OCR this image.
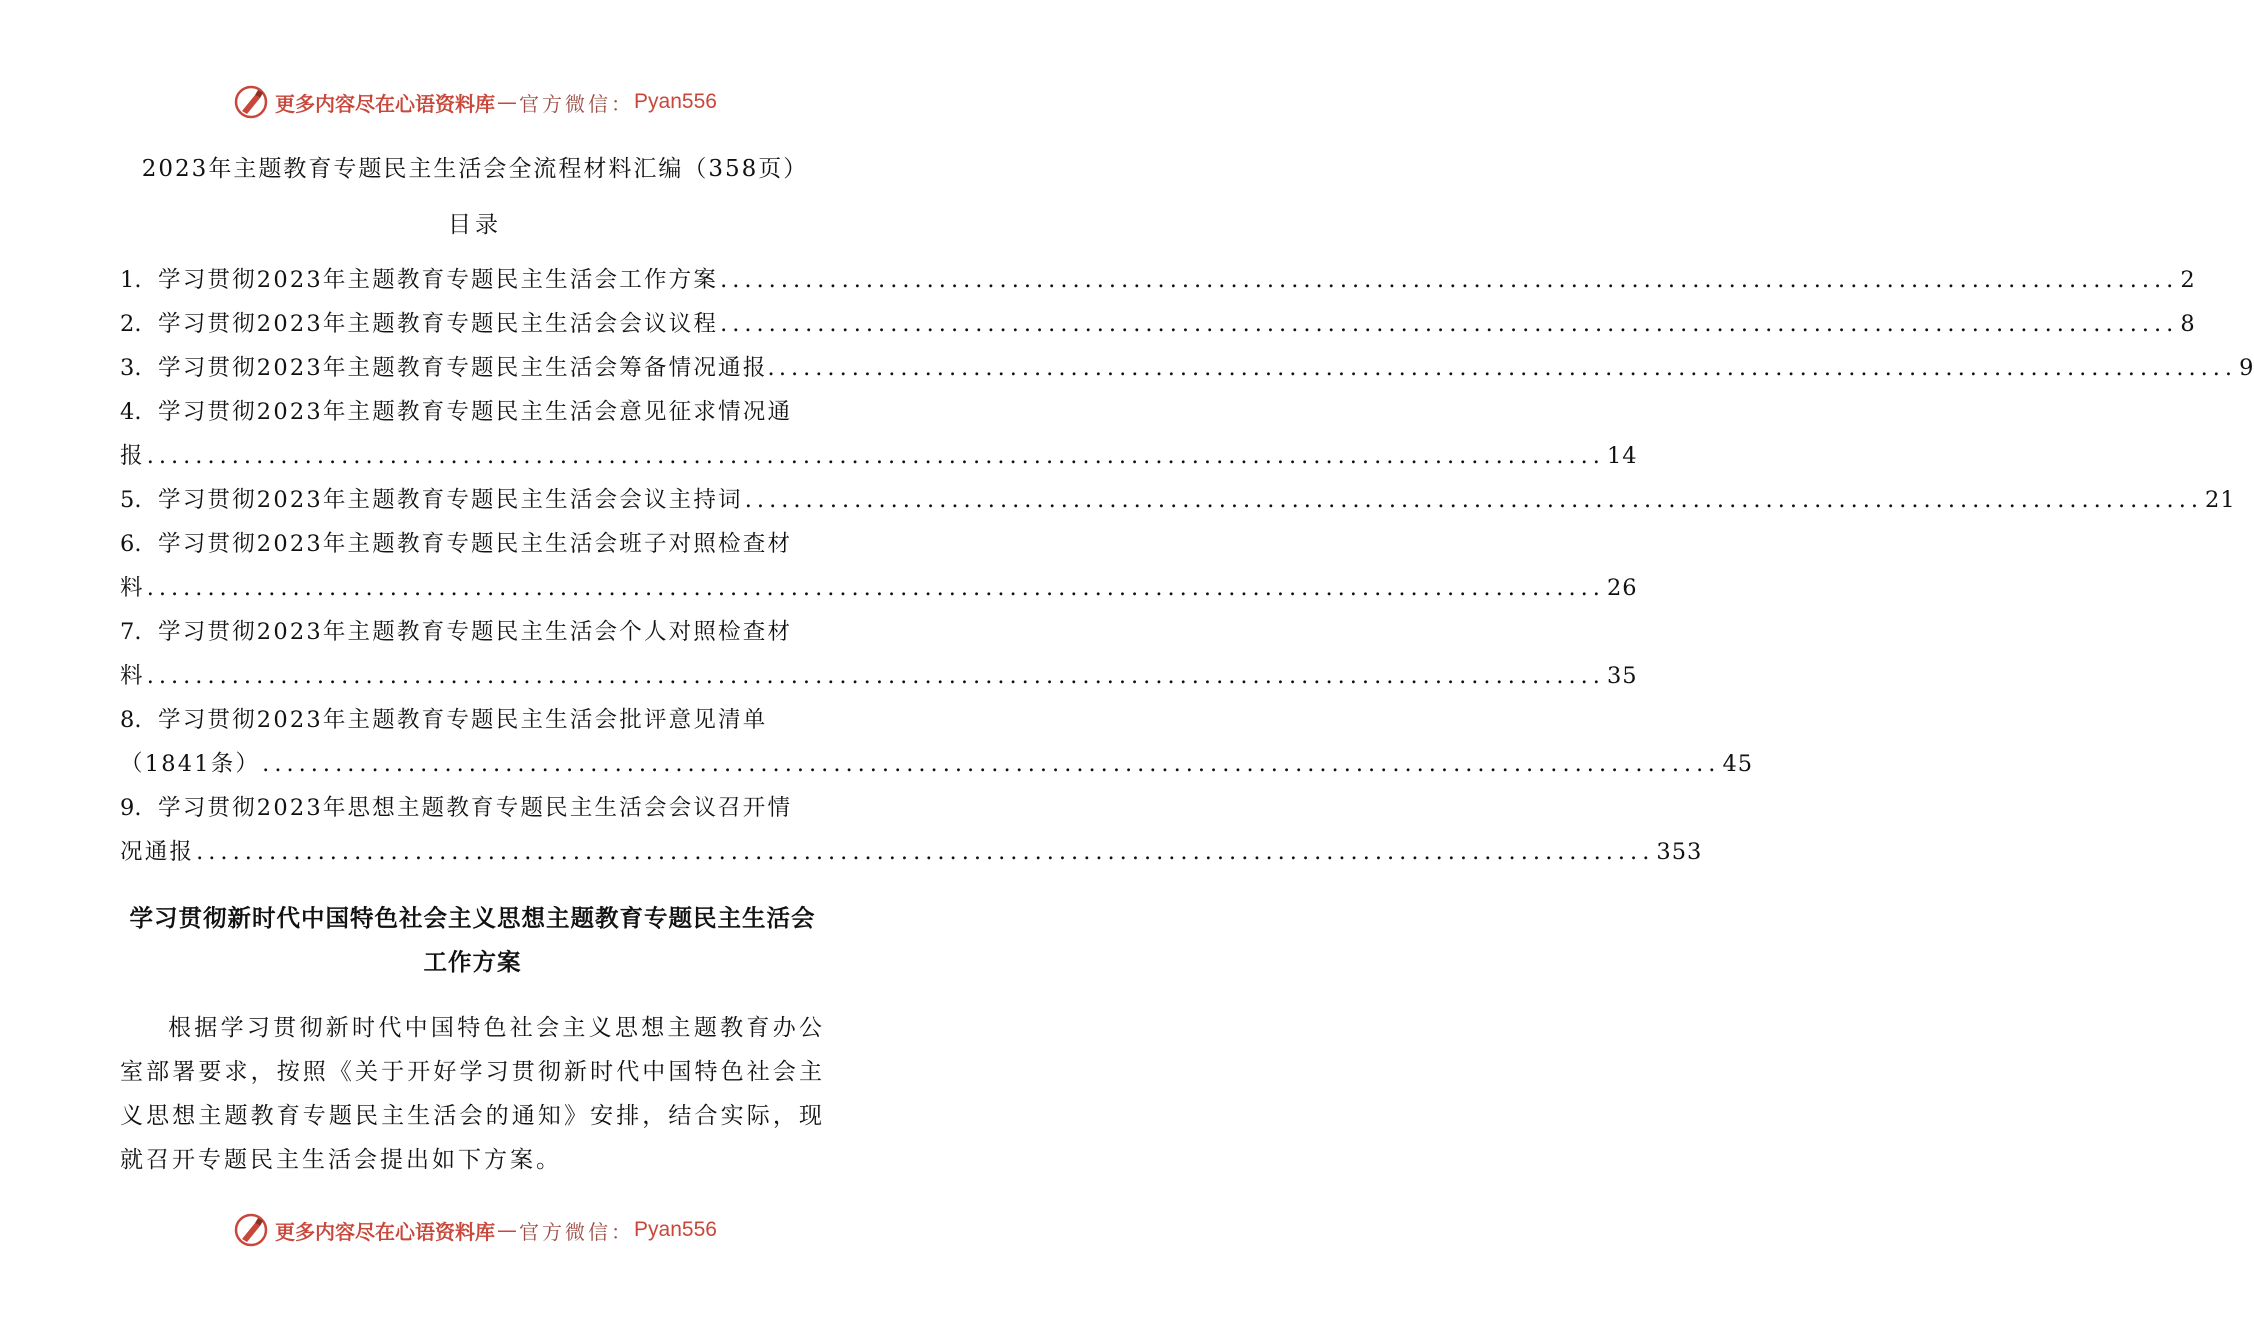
更多内容尽在心语资料库 — 官方微信： Pyan556
2023年主题教育专题民主生活会全流程材料汇编（358页）
目录
1. 学习贯彻2023年主题教育专题民主生活会工作方案 ........................................................................................................................ 2
2. 学习贯彻2023年主题教育专题民主生活会会议议程 ........................................................................................................................ 8
3. 学习贯彻2023年主题教育专题民主生活会筹备情况通报. ........................................................................................................................ 9
4. 学习贯彻2023年主题教育专题民主生活会意见征求情况通
报 ........................................................................................................................ 14
5. 学习贯彻2023年主题教育专题民主生活会会议主持词 ........................................................................................................................ 21
6. 学习贯彻2023年主题教育专题民主生活会班子对照检查材
料 ........................................................................................................................ 26
7. 学习贯彻2023年主题教育专题民主生活会个人对照检查材
料 ........................................................................................................................ 35
8. 学习贯彻2023年主题教育专题民主生活会批评意见清单
（1841条） ........................................................................................................................ 45
9. 学习贯彻2023年思想主题教育专题民主生活会会议召开情
况通报 ........................................................................................................................ 353
学习贯彻新时代中国特色社会主义思想主题教育专题民主生活会工作方案
根据学习贯彻新时代中国特色社会主义思想主题教育办公室部署要求，按照《关于开好学习贯彻新时代中国特色社会主义思想主题教育专题民主生活会的通知》安排，结合实际，现就召开专题民主生活会提出如下方案。
更多内容尽在心语资料库 — 官方微信： Pyan556
